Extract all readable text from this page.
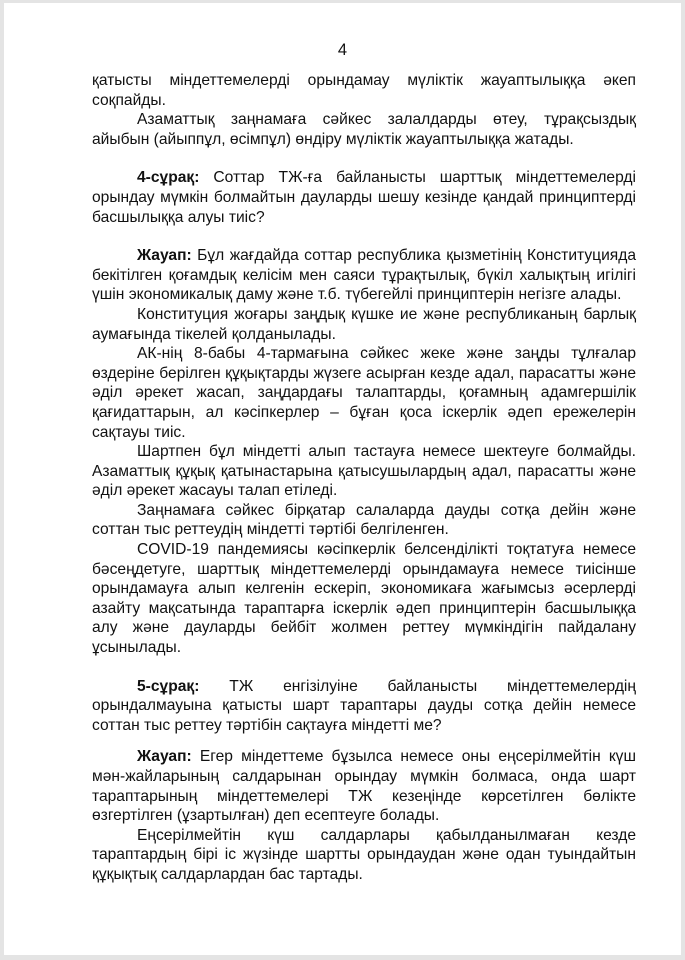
4

қатысты міндеттемелерді орындамау мүліктік жауаптылыққа әкеп соқпайды.

Азаматтық заңнамаға сәйкес залалдарды өтеу, тұрақсыздық айыбын (айыппұл, өсімпұл) өндіру мүліктік жауаптылыққа жатады.

4-сұрақ: Соттар ТЖ-ға байланысты шарттық міндеттемелерді орындау мүмкін болмайтын дауларды шешу кезінде қандай принциптерді басшылыққа алуы тиіс?

Жауап: Бұл жағдайда соттар республика қызметінің Конституцияда бекітілген қоғамдық келісім мен саяси тұрақтылық, бүкіл халықтың игілігі үшін экономикалық даму және т.б. түбегейлі принциптерін негізге алады.

Конституция жоғары заңдық күшке ие және республиканың барлық аумағында тікелей қолданылады.

АК-нің 8-бабы 4-тармағына сәйкес жеке және заңды тұлғалар өздеріне берілген құқықтарды жүзеге асырған кезде адал, парасатты және әділ әрекет жасап, заңдардағы талаптарды, қоғамның адамгершілік қағидаттарын, ал кәсіпкерлер – бұған қоса іскерлік әдеп ережелерін сақтауы тиіс.

Шартпен бұл міндетті алып тастауға немесе шектеуге болмайды. Азаматтық құқық қатынастарына қатысушылардың адал, парасатты және әділ әрекет жасауы талап етіледі.

Заңнамаға сәйкес бірқатар салаларда дауды сотқа дейін және соттан тыс реттеудің міндетті тәртібі белгіленген.

COVID-19 пандемиясы кәсіпкерлік белсенділікті тоқтатуға немесе бәсеңдетуге, шарттық міндеттемелерді орындамауға немесе тиісінше орындамауға алып келгенін ескеріп, экономикаға жағымсыз әсерлерді азайту мақсатында тараптарға іскерлік әдеп принциптерін басшылыққа алу және дауларды бейбіт жолмен реттеу мүмкіндігін пайдалану ұсынылады.

5-сұрақ: ТЖ енгізілуіне байланысты міндеттемелердің орындалмауына қатысты шарт тараптары дауды сотқа дейін немесе соттан тыс реттеу тәртібін сақтауға міндетті ме?

Жауап: Егер міндеттеме бұзылса немесе оны еңсерілмейтін күш мән-жайларының салдарынан орындау мүмкін болмаса, онда шарт тараптарының міндеттемелері ТЖ кезеңінде көрсетілген бөлікте өзгертілген (ұзартылған) деп есептеуге болады.

Еңсерілмейтін күш салдарлары қабылданылмаған кезде тараптардың бірі іс жүзінде шартты орындаудан және одан туындайтын құқықтық салдарлардан бас тартады.
